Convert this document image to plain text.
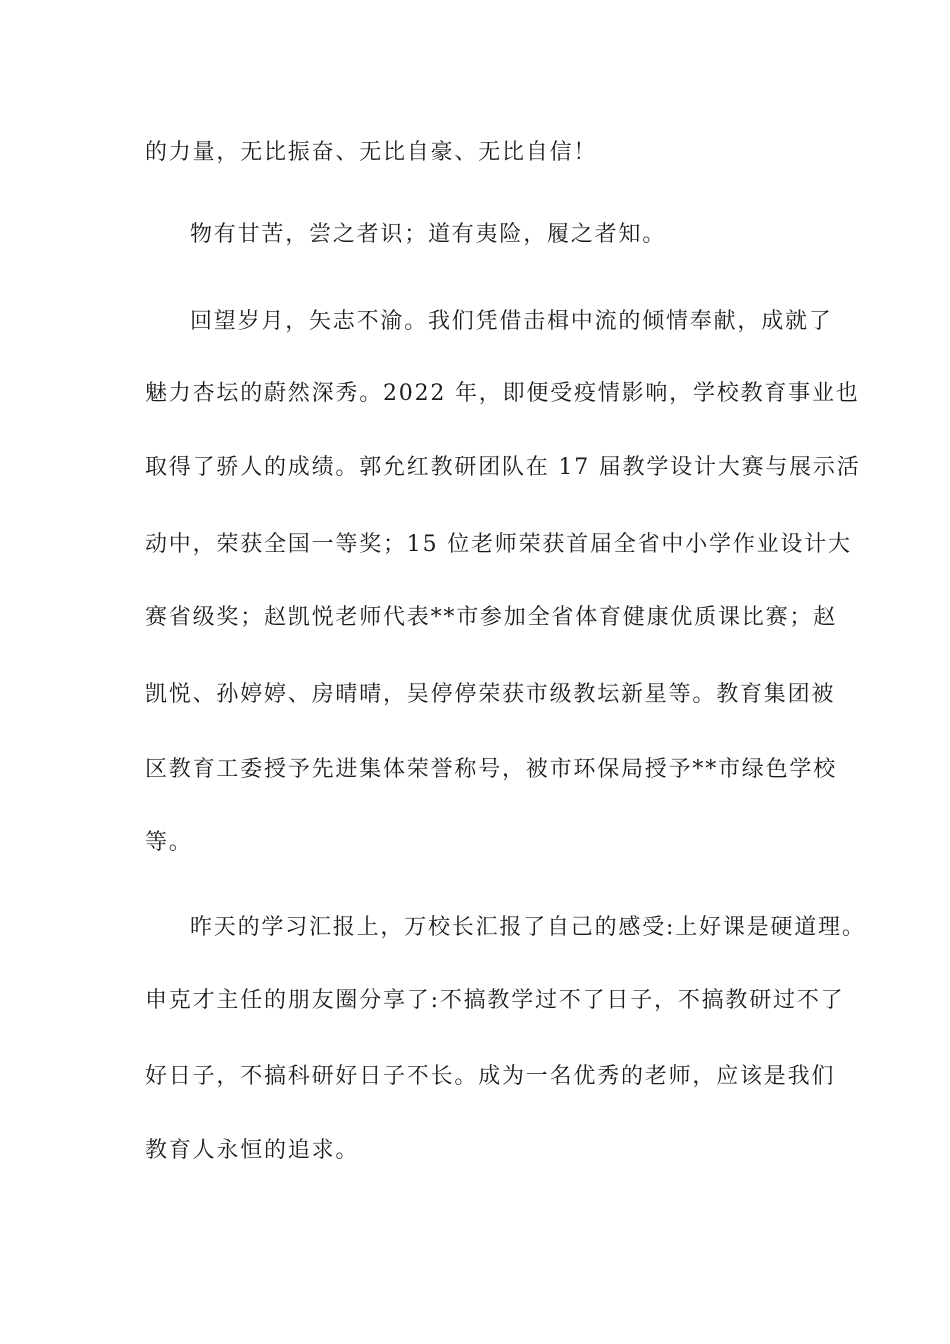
的力量，无比振奋、无比自豪、无比自信！
物有甘苦，尝之者识；道有夷险，履之者知。
回望岁月，矢志不渝。我们凭借击楫中流的倾情奉献，成就了
魅力杏坛的蔚然深秀。2022 年，即便受疫情影响，学校教育事业也
取得了骄人的成绩。郭允红教研团队在 17 届教学设计大赛与展示活
动中，荣获全国一等奖；15 位老师荣获首届全省中小学作业设计大
赛省级奖；赵凯悦老师代表**市参加全省体育健康优质课比赛；赵
凯悦、孙婷婷、房晴晴，吴停停荣获市级教坛新星等。教育集团被
区教育工委授予先进集体荣誉称号，被市环保局授予**市绿色学校
等。
昨天的学习汇报上，万校长汇报了自己的感受:上好课是硬道理。
申克才主任的朋友圈分享了:不搞教学过不了日子，不搞教研过不了
好日子，不搞科研好日子不长。成为一名优秀的老师，应该是我们
教育人永恒的追求。
